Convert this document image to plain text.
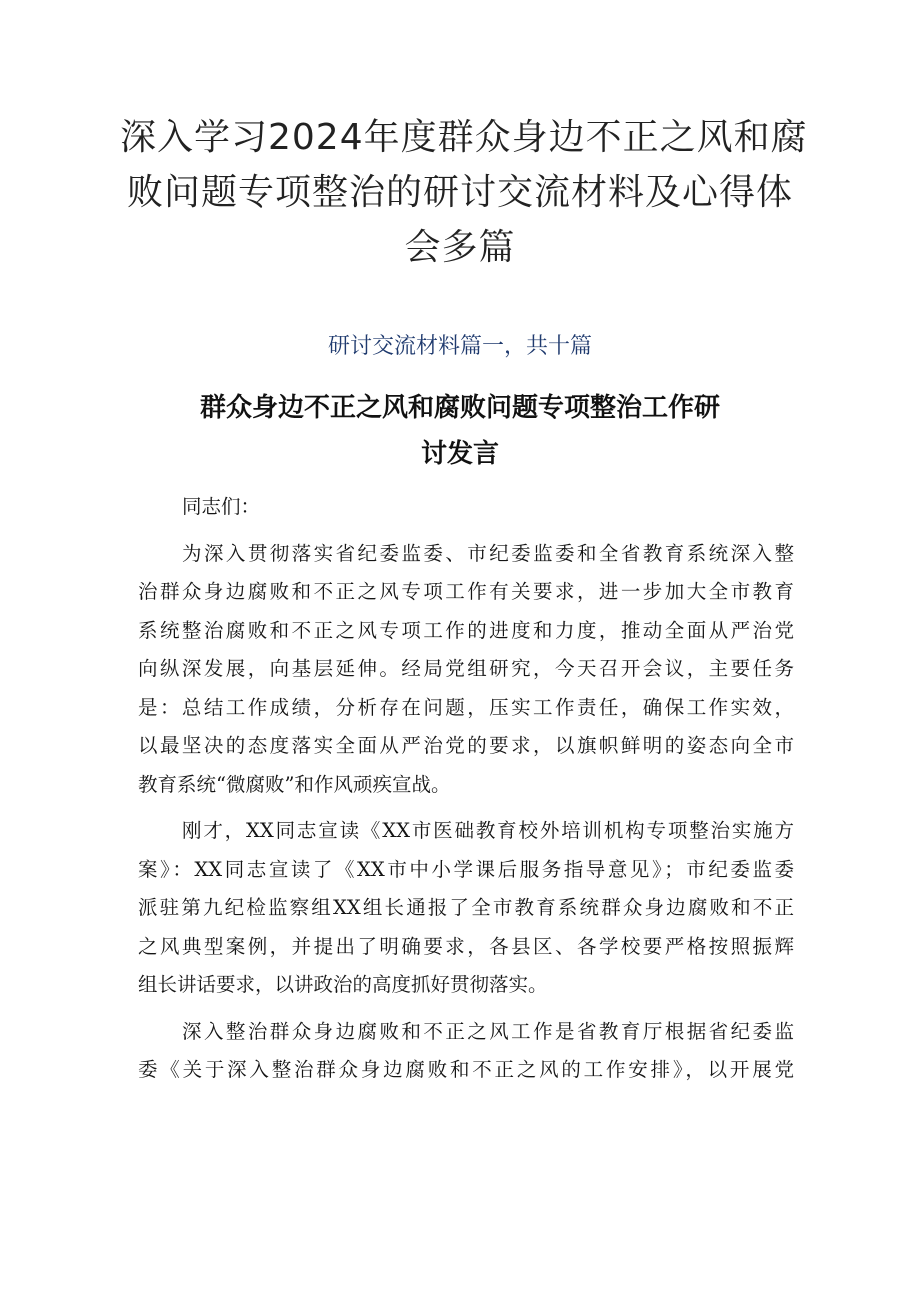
深入学习2024年度群众身边不正之风和腐
败问题专项整治的研讨交流材料及心得体
会多篇
研讨交流材料篇一，共十篇
群众身边不正之风和腐败问题专项整治工作研
讨发言
同志们：
为深入贯彻落实省纪委监委、市纪委监委和全省教育系统深入整
治群众身边腐败和不正之风专项工作有关要求，进一步加大全市教育
系统整治腐败和不正之风专项工作的进度和力度，推动全面从严治党
向纵深发展，向基层延伸。经局党组研究，今天召开会议，主要任务
是：总结工作成绩，分析存在问题，压实工作责任，确保工作实效，
以最坚决的态度落实全面从严治党的要求，以旗帜鲜明的姿态向全市
教育系统“微腐败”和作风顽疾宣战。
刚才，XX同志宣读《XX市医础教育校外培训机构专项整治实施方
案》：XX同志宣读了《XX市中小学课后服务指导意见》；市纪委监委
派驻第九纪检监察组XX组长通报了全市教育系统群众身边腐败和不正
之风典型案例，并提出了明确要求，各县区、各学校要严格按照振辉
组长讲话要求，以讲政治的高度抓好贯彻落实。
深入整治群众身边腐败和不正之风工作是省教育厅根据省纪委监
委《关于深入整治群众身边腐败和不正之风的工作安排》，以开展党
